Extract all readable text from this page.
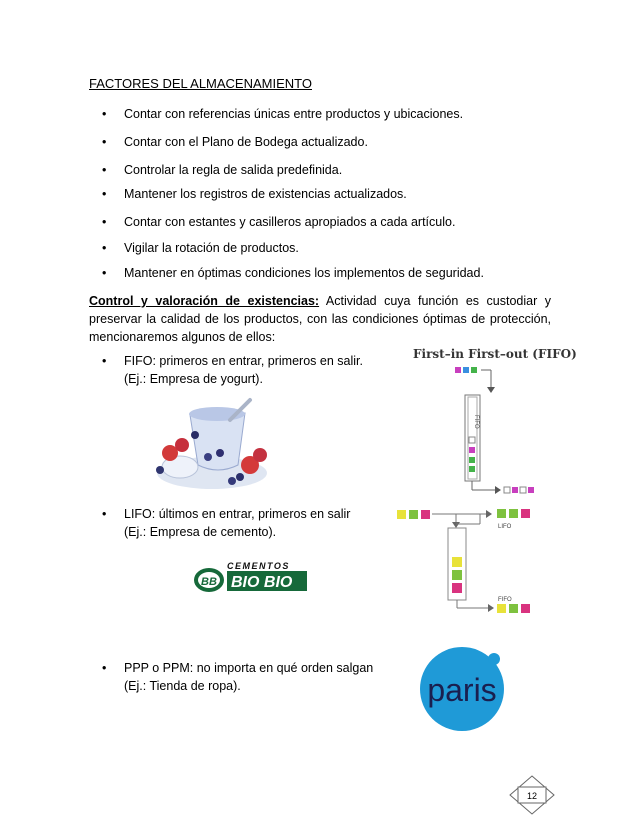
FACTORES DEL ALMACENAMIENTO
• Contar con referencias únicas entre productos y ubicaciones.
• Contar con el Plano de Bodega actualizado.
• Controlar la regla de salida predefinida.
• Mantener los registros de existencias actualizados.
• Contar con estantes y casilleros apropiados a cada artículo.
• Vigilar la rotación de productos.
• Mantener en óptimas condiciones los implementos de seguridad.
Control y valoración de existencias: Actividad cuya función es custodiar y preservar la calidad de los productos, con las condiciones óptimas de protección, mencionaremos algunos de ellos:
• FIFO: primeros en entrar, primeros en salir.
(Ej.: Empresa de yogurt).
First–in First–out (FIFO)
FIFO
• LIFO: últimos en entrar, primeros en salir
(Ej.: Empresa de cemento).	LIFO
FIFO
BB
CEMENTOS
BIO BIO
• PPP o PPM: no importa en qué orden salgan
(Ej.: Tienda de ropa).	paris
12
